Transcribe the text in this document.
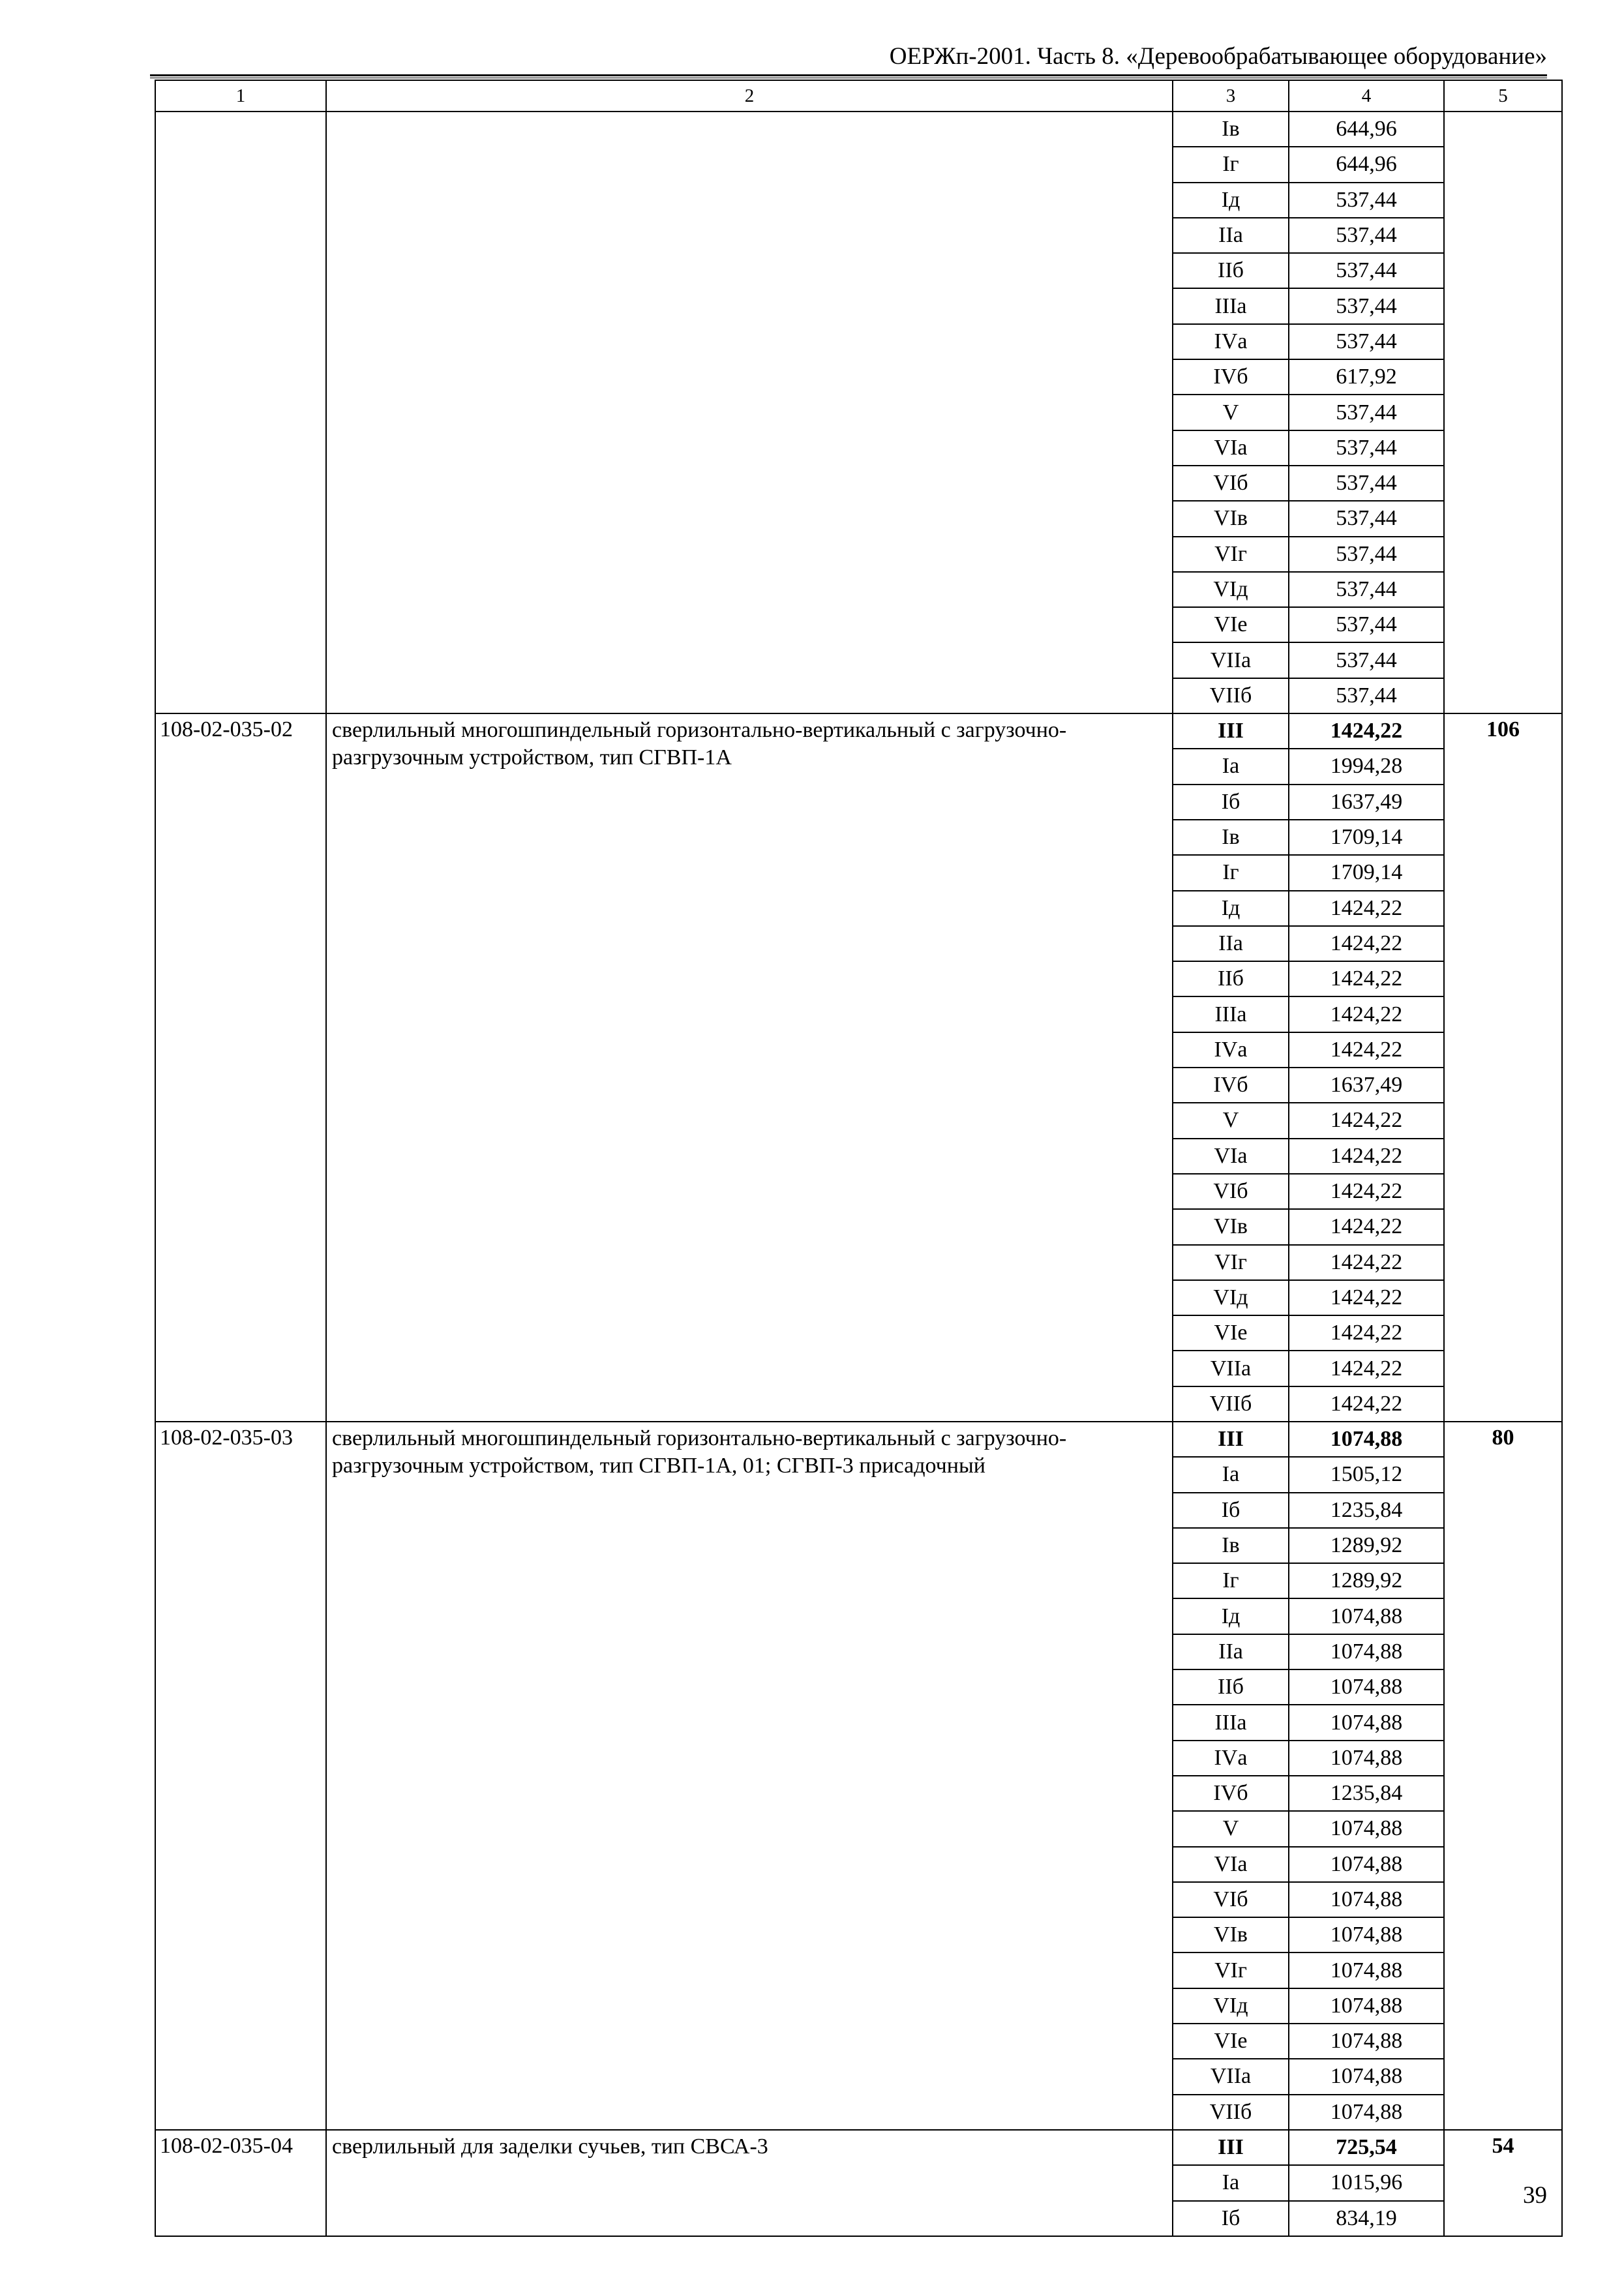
ОЕРЖп-2001. Часть 8. «Деревообрабатывающее оборудование»
1	2	3	4	5
		Iв	644,96	
		Iг	644,96	
		Iд	537,44	
		IIа	537,44	
		IIб	537,44	
		IIIа	537,44	
		IVа	537,44	
		IVб	617,92	
		V	537,44	
		VIа	537,44	
		VIб	537,44	
		VIв	537,44	
		VIг	537,44	
		VIд	537,44	
		VIе	537,44	
		VIIа	537,44	
		VIIб	537,44	
108-02-035-02	сверлильный многошпиндельный горизонтально-вертикальный с загрузочно-разгрузочным устройством, тип СГВП-1А	III	1424,22	106
		Iа	1994,28	
		Iб	1637,49	
		Iв	1709,14	
		Iг	1709,14	
		Iд	1424,22	
		IIа	1424,22	
		IIб	1424,22	
		IIIа	1424,22	
		IVа	1424,22	
		IVб	1637,49	
		V	1424,22	
		VIа	1424,22	
		VIб	1424,22	
		VIв	1424,22	
		VIг	1424,22	
		VIд	1424,22	
		VIе	1424,22	
		VIIа	1424,22	
		VIIб	1424,22	
108-02-035-03	сверлильный многошпиндельный горизонтально-вертикальный с загрузочно-разгрузочным устройством, тип СГВП-1А, 01; СГВП-3 присадочный	III	1074,88	80
		Iа	1505,12	
		Iб	1235,84	
		Iв	1289,92	
		Iг	1289,92	
		Iд	1074,88	
		IIа	1074,88	
		IIб	1074,88	
		IIIа	1074,88	
		IVа	1074,88	
		IVб	1235,84	
		V	1074,88	
		VIа	1074,88	
		VIб	1074,88	
		VIв	1074,88	
		VIг	1074,88	
		VIд	1074,88	
		VIе	1074,88	
		VIIа	1074,88	
		VIIб	1074,88	
108-02-035-04	сверлильный для заделки сучьев, тип СВСА-3	III	725,54	54
		Iа	1015,96	
		Iб	834,19	
39
